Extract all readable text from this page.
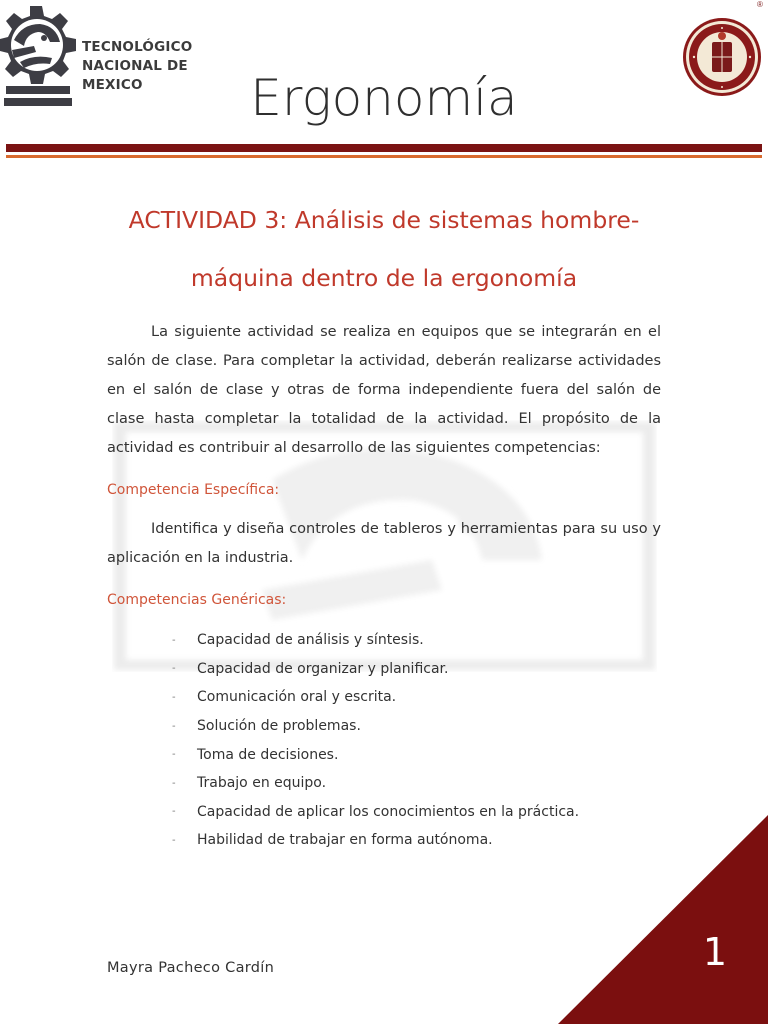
TECNOLÓGICO
NACIONAL DE MEXICO	Ergonomía
®
ACTIVIDAD 3: Análisis de sistemas hombre-
máquina dentro de la ergonomía
La siguiente actividad se realiza en equipos que se integrarán en el salón de clase. Para completar la actividad, deberán realizarse actividades en el salón de clase y otras de forma independiente fuera del salón de clase hasta completar la totalidad de la actividad. El propósito de la actividad es contribuir al desarrollo de las siguientes competencias:
Competencia Específica:
Identifica y diseña controles de tableros y herramientas para su uso y aplicación en la industria.
Competencias Genéricas:
-	Capacidad de análisis y síntesis.
-	Capacidad de organizar y planificar.
-	Comunicación oral y escrita.
-	Solución de problemas.
-	Toma de decisiones.
-	Trabajo en equipo.
-	Capacidad de aplicar los conocimientos en la práctica.
-	Habilidad de trabajar en forma autónoma.
Mayra Pacheco Cardín	1
